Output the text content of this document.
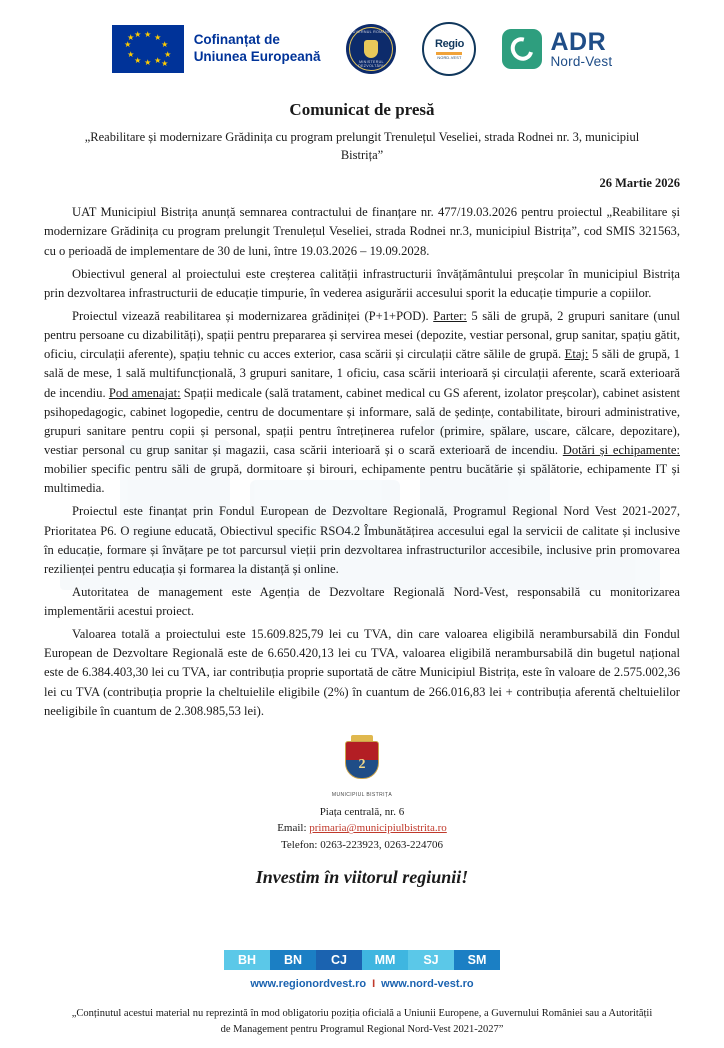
★ ★
★
★
★
★
★
★
★
★
★ ★	Cofinanțat de
Uniunea Europeană
GUVERNUL ROMÂNIEI
MINISTERUL DEZVOLTĂRII
Regio
NORD-VEST
ADR
Nord-Vest
Comunicat de presă
„Reabilitare și modernizare Grădinița cu program prelungit Trenulețul Veseliei, strada Rodnei nr. 3, municipiul Bistrița”
26 Martie 2026

UAT Municipiul Bistrița anunță semnarea contractului de finanțare nr. 477/19.03.2026 pentru proiectul „Reabilitare și modernizare Grădinița cu program prelungit Trenulețul Veseliei, strada Rodnei nr.3, municipiul Bistrița”, cod SMIS 321563, cu o perioadă de implementare de 30 de luni, între 19.03.2026 – 19.09.2028.

Obiectivul general al proiectului este creșterea calității infrastructurii învățământului preșcolar în municipiul Bistrița prin dezvoltarea infrastructurii de educație timpurie, în vederea asigurării accesului sporit la educație timpurie a copiilor.

Proiectul vizează reabilitarea și modernizarea grădiniței (P+1+POD). Parter: 5 săli de grupă, 2 grupuri sanitare (unul pentru persoane cu dizabilități), spații pentru prepararea și servirea mesei (depozite, vestiar personal, grup sanitar, spațiu gătit, oficiu, circulații aferente), spațiu tehnic cu acces exterior, casa scării și circulații către sălile de grupă. Etaj: 5 săli de grupă, 1 sală de mese, 1 sală multifuncțională, 3 grupuri sanitare, 1 oficiu, casa scării interioară și circulații aferente, scară exterioară de incendiu. Pod amenajat: Spații medicale (sală tratament, cabinet medical cu GS aferent, izolator preșcolar), cabinet asistent psihopedagogic, cabinet logopedie, centru de documentare și informare, sală de ședințe, contabilitate, birouri administrative, grupuri sanitare pentru copii și personal, spații pentru întreținerea rufelor (primire, spălare, uscare, călcare, depozitare), vestiar personal cu grup sanitar și magazii, casa scării interioară și o scară exterioară de incendiu. Dotări și echipamente: mobilier specific pentru săli de grupă, dormitoare și birouri, echipamente pentru bucătărie și spălătorie, echipamente IT și multimedia.

Proiectul este finanțat prin Fondul European de Dezvoltare Regională, Programul Regional Nord Vest 2021-2027, Prioritatea P6. O regiune educată, Obiectivul specific RSO4.2 Îmbunătățirea accesului egal la servicii de calitate și inclusive în educație, formare și învățare pe tot parcursul vieții prin dezvoltarea infrastructurilor accesibile, inclusive prin promovarea rezilienței pentru educația și formarea la distanță și online.

Autoritatea de management este Agenția de Dezvoltare Regională Nord-Vest, responsabilă cu monitorizarea implementării acestui proiect.

Valoarea totală a proiectului este 15.609.825,79 lei cu TVA, din care valoarea eligibilă nerambursabilă din Fondul European de Dezvoltare Regională este de 6.650.420,13 lei cu TVA, valoarea eligibilă nerambursabilă din bugetul național este de 6.384.403,30 lei cu TVA, iar contribuția proprie suportată de către Municipiul Bistrița, este în valoare de 2.575.002,36 lei cu TVA (contribuția proprie la cheltuielile eligibile (2%) în cuantum de 266.016,83 lei + contribuția aferentă cheltuielilor neeligibile în cuantum de 2.308.985,53 lei).

2
MUNICIPIUL BISTRIȚA
Piața centrală, nr. 6
Email: primaria@municipiulbistrita.ro
Telefon: 0263-223923, 0263-224706
Investim în viitorul regiunii!
BH	BN	CJ	MM	SJ	SM
www.regionordvest.ro I www.nord-vest.ro
„Conținutul acestui material nu reprezintă în mod obligatoriu poziția oficială a Uniunii Europene, a Guvernului României sau a Autorității de Management pentru Programul Regional Nord-Vest 2021-2027”
